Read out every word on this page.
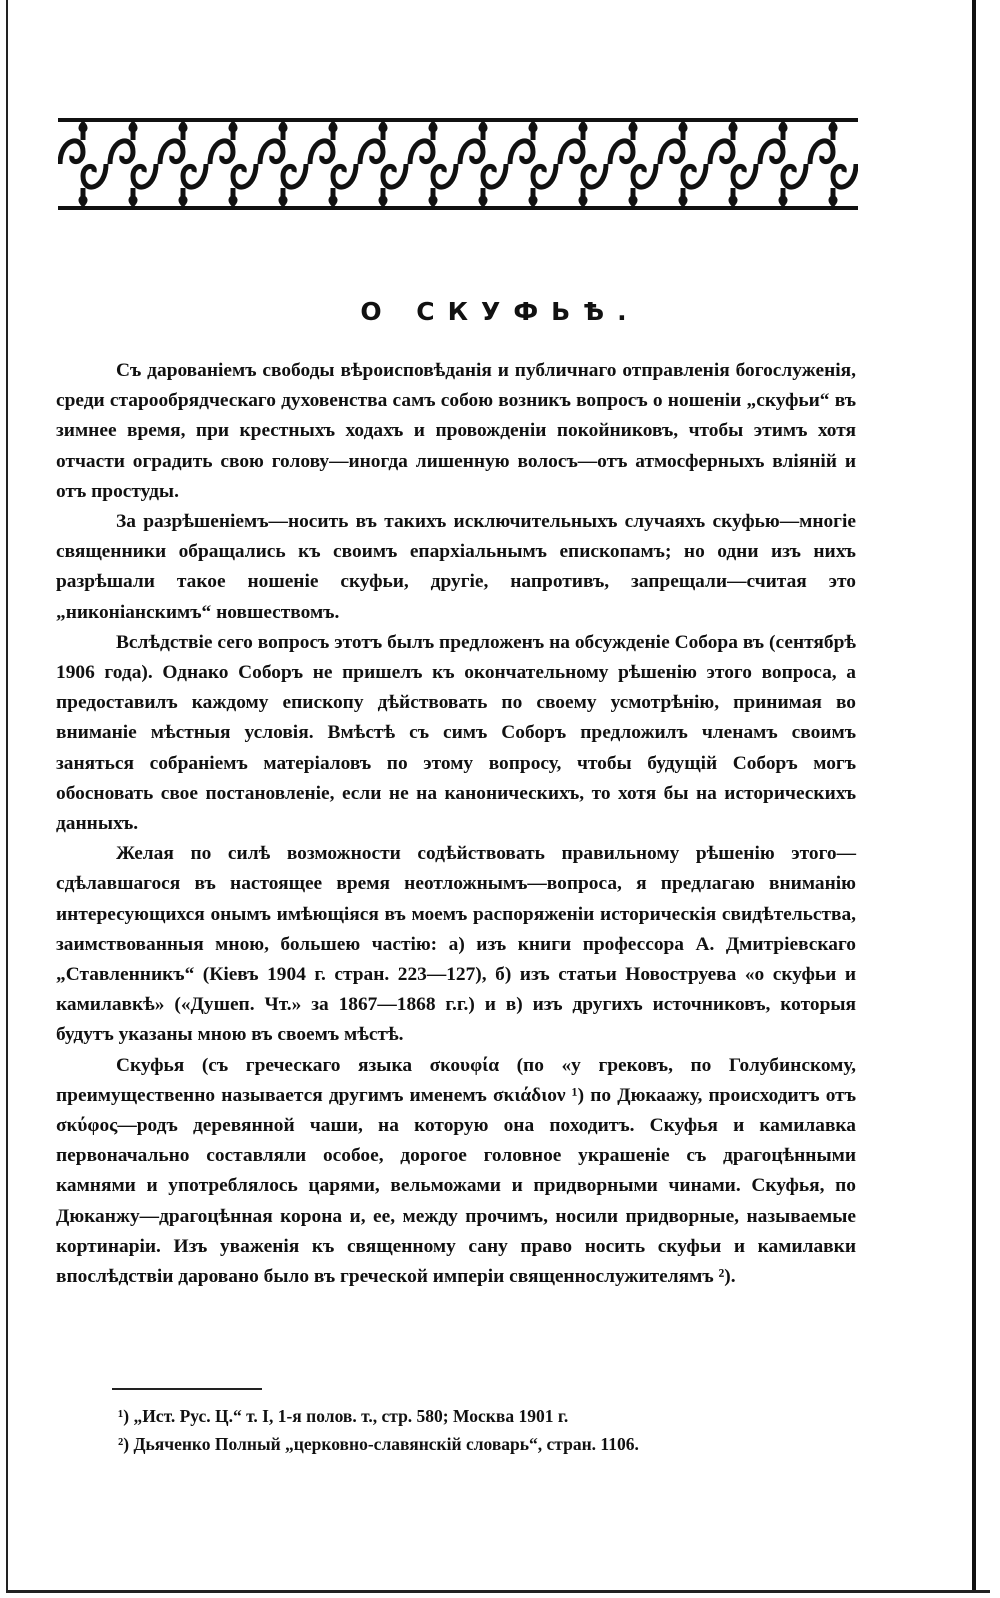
О СКУФЬѢ.

Съ дарованіемъ свободы вѣроисповѣданія и публичнаго отправленія богослуженія, среди старообрядческаго духовенства самъ собою возникъ вопросъ о ношеніи „скуфьи“ въ зимнее время, при крестныхъ ходахъ и провожденіи покойниковъ, чтобы этимъ хотя отчасти оградить свою голову—иногда лишенную волосъ—отъ атмосферныхъ вліяній и отъ простуды.

За разрѣшеніемъ—носить въ такихъ исключительныхъ случаяхъ скуфью—многіе священники обращались къ своимъ епархіальнымъ епископамъ; но одни изъ нихъ разрѣшали такое ношеніе скуфьи, другіе, напротивъ, запрещали—считая это „никоніанскимъ“ новшествомъ.

Вслѣдствіе сего вопросъ этотъ былъ предложенъ на обсужденіе Собора въ (сентябрѣ 1906 года). Однако Соборъ не пришелъ къ окончательному рѣшенію этого вопроса, а предоставилъ каждому епископу дѣйствовать по своему усмотрѣнію, принимая во вниманіе мѣстныя условія. Вмѣстѣ съ симъ Соборъ предложилъ членамъ своимъ заняться собраніемъ матеріаловъ по этому вопросу, чтобы будущій Соборъ могъ обосновать свое постановленіе, если не на каноническихъ, то хотя бы на историческихъ данныхъ.

Желая по силѣ возможности содѣйствовать правильному рѣшенію этого—сдѣлавшагося въ настоящее время неотложнымъ—вопроса, я предлагаю вниманію интересующихся онымъ имѣющіяся въ моемъ распоряженіи историческія свидѣтельства, заимствованныя мною, большею частію: а) изъ книги профессора А. Дмитріевскаго „Ставленникъ“ (Кіевъ 1904 г. стран. 223—127), б) изъ статьи Новоструева «о скуфьи и камилавкѣ» («Душеп. Чт.» за 1867—1868 г.г.) и в) изъ другихъ источниковъ, которыя будутъ указаны мною въ своемъ мѣстѣ.

Скуфья (съ греческаго языка σκουφία (по «у грековъ, по Голубинскому, преимущественно называется другимъ именемъ σκιάδιον ¹) по Дюкаажу, происходитъ отъ σκύφος—родъ деревянной чаши, на которую она походитъ. Скуфья и камилавка первоначально составляли особое, дорогое головное украшеніе съ драгоцѣнными камнями и употреблялось царями, вельможами и придворными чинами. Скуфья, по Дюканжу—драгоцѣнная корона и, ее, между прочимъ, носили придворные, называемые кортинаріи. Изъ уваженія къ священному сану право носить скуфьи и камилавки впослѣдствіи даровано было въ греческой имперіи священнослужителямъ ²).

¹) „Ист. Рус. Ц.“ т. I, 1-я полов. т., стр. 580; Москва 1901 г.
²) Дьяченко Полный „церковно-славянскій словарь“, стран. 1106.
